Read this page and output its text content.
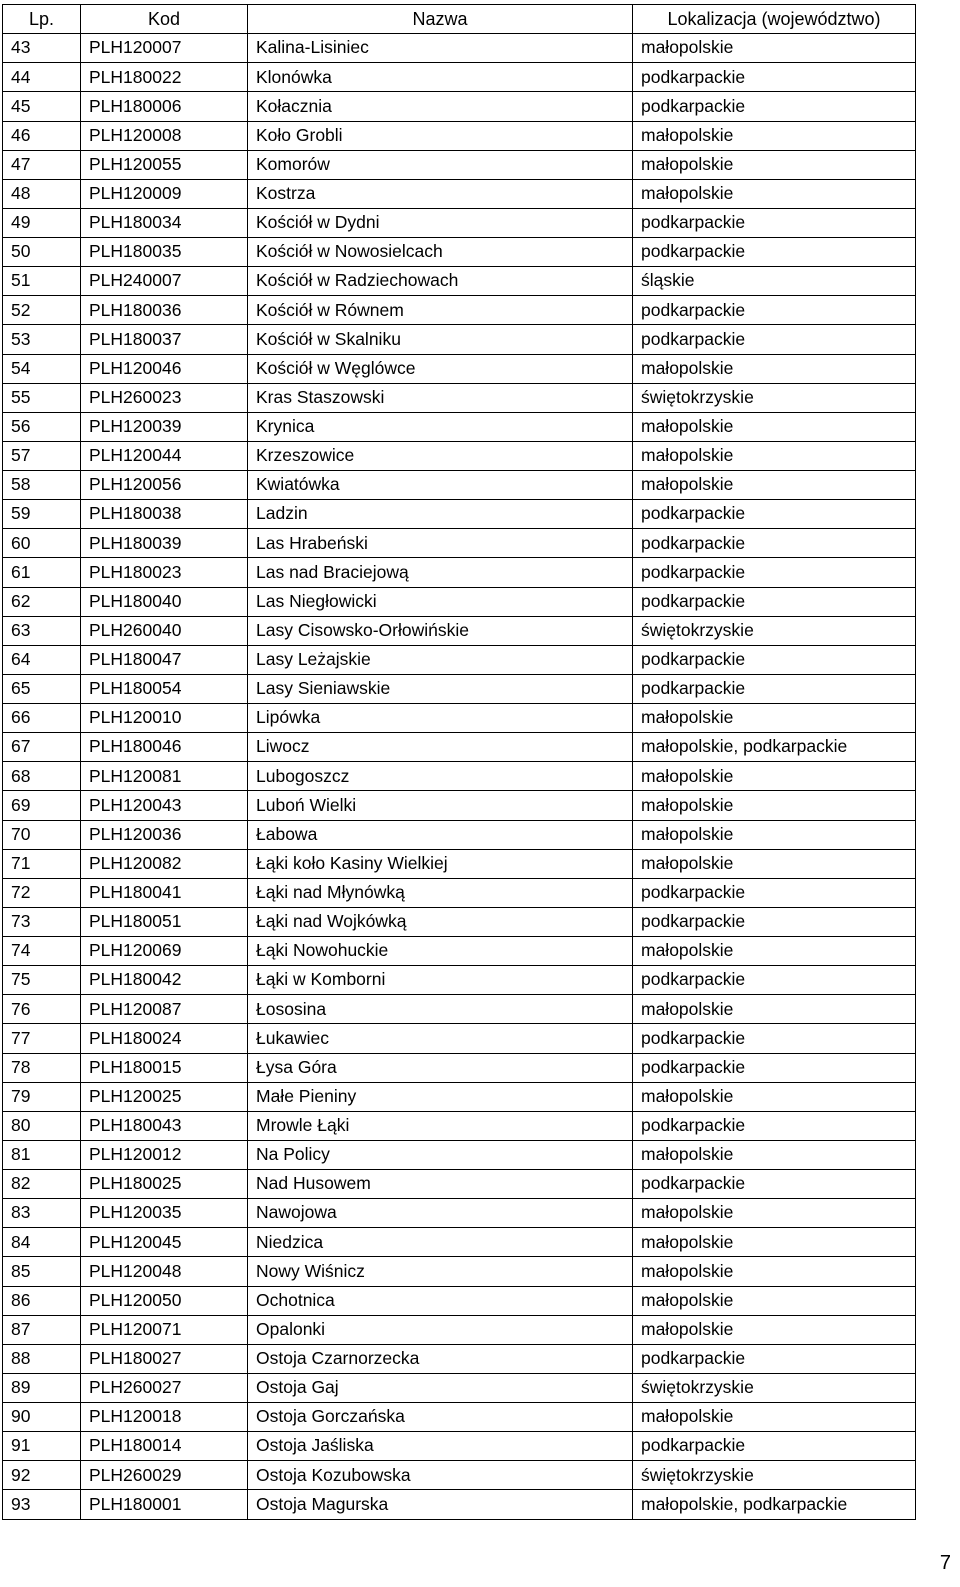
Lp.	Kod	Nazwa	Lokalizacja (województwo)
43	PLH120007	Kalina-Lisiniec	małopolskie
44	PLH180022	Klonówka	podkarpackie
45	PLH180006	Kołacznia	podkarpackie
46	PLH120008	Koło Grobli	małopolskie
47	PLH120055	Komorów	małopolskie
48	PLH120009	Kostrza	małopolskie
49	PLH180034	Kościół w Dydni	podkarpackie
50	PLH180035	Kościół w Nowosielcach	podkarpackie
51	PLH240007	Kościół w Radziechowach	śląskie
52	PLH180036	Kościół w Równem	podkarpackie
53	PLH180037	Kościół w Skalniku	podkarpackie
54	PLH120046	Kościół w Węglówce	małopolskie
55	PLH260023	Kras Staszowski	świętokrzyskie
56	PLH120039	Krynica	małopolskie
57	PLH120044	Krzeszowice	małopolskie
58	PLH120056	Kwiatówka	małopolskie
59	PLH180038	Ladzin	podkarpackie
60	PLH180039	Las Hrabeński	podkarpackie
61	PLH180023	Las nad Braciejową	podkarpackie
62	PLH180040	Las Niegłowicki	podkarpackie
63	PLH260040	Lasy Cisowsko-Orłowińskie	świętokrzyskie
64	PLH180047	Lasy Leżajskie	podkarpackie
65	PLH180054	Lasy Sieniawskie	podkarpackie
66	PLH120010	Lipówka	małopolskie
67	PLH180046	Liwocz	małopolskie, podkarpackie
68	PLH120081	Lubogoszcz	małopolskie
69	PLH120043	Luboń Wielki	małopolskie
70	PLH120036	Łabowa	małopolskie
71	PLH120082	Łąki koło Kasiny Wielkiej	małopolskie
72	PLH180041	Łąki nad Młynówką	podkarpackie
73	PLH180051	Łąki nad Wojkówką	podkarpackie
74	PLH120069	Łąki Nowohuckie	małopolskie
75	PLH180042	Łąki w Komborni	podkarpackie
76	PLH120087	Łososina	małopolskie
77	PLH180024	Łukawiec	podkarpackie
78	PLH180015	Łysa Góra	podkarpackie
79	PLH120025	Małe Pieniny	małopolskie
80	PLH180043	Mrowle Łąki	podkarpackie
81	PLH120012	Na Policy	małopolskie
82	PLH180025	Nad Husowem	podkarpackie
83	PLH120035	Nawojowa	małopolskie
84	PLH120045	Niedzica	małopolskie
85	PLH120048	Nowy Wiśnicz	małopolskie
86	PLH120050	Ochotnica	małopolskie
87	PLH120071	Opalonki	małopolskie
88	PLH180027	Ostoja Czarnorzecka	podkarpackie
89	PLH260027	Ostoja Gaj	świętokrzyskie
90	PLH120018	Ostoja Gorczańska	małopolskie
91	PLH180014	Ostoja Jaśliska	podkarpackie
92	PLH260029	Ostoja Kozubowska	świętokrzyskie
93	PLH180001	Ostoja Magurska	małopolskie, podkarpackie
7
